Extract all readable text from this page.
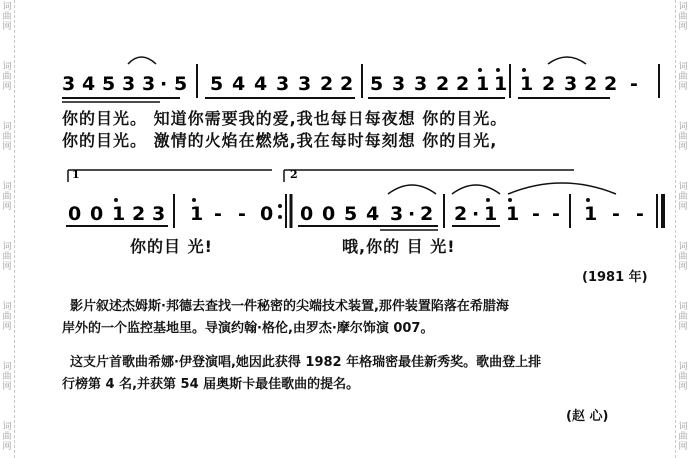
词曲网
词曲网
词曲网
词曲网
词曲网
词曲网
词曲网
词曲网
词曲网
词曲网
词曲网
词曲网
词曲网
词曲网
词曲网
词曲网
3 4 5 3 3 · 5 5 4 4 3 3 2 2 5 3 3 2 2 1 1 1 2 3 2 2 -
0 0 1 2 3 1 - - 0 0 0 5 4 3 · 2 2 · 1 1 - - 1 - -
1	2
你的目光。 知道你需要我的爱,我也每日每夜想 你的目光。
你的目光。 激情的火焰在燃烧,我在每时每刻想 你的目光,
你的目 光!	哦,你的 目 光!
(1981 年)
影片叙述杰姆斯·邦德去查找一件秘密的尖端技术装置,那件装置陷落在希腊海
岸外的一个监控基地里。导演约翰·格伦,由罗杰·摩尔饰演 007。
这支片首歌曲希娜·伊登演唱,她因此获得 1982 年格瑞密最佳新秀奖。歌曲登上排
行榜第 4 名,并获第 54 届奥斯卡最佳歌曲的提名。
(赵 心)
